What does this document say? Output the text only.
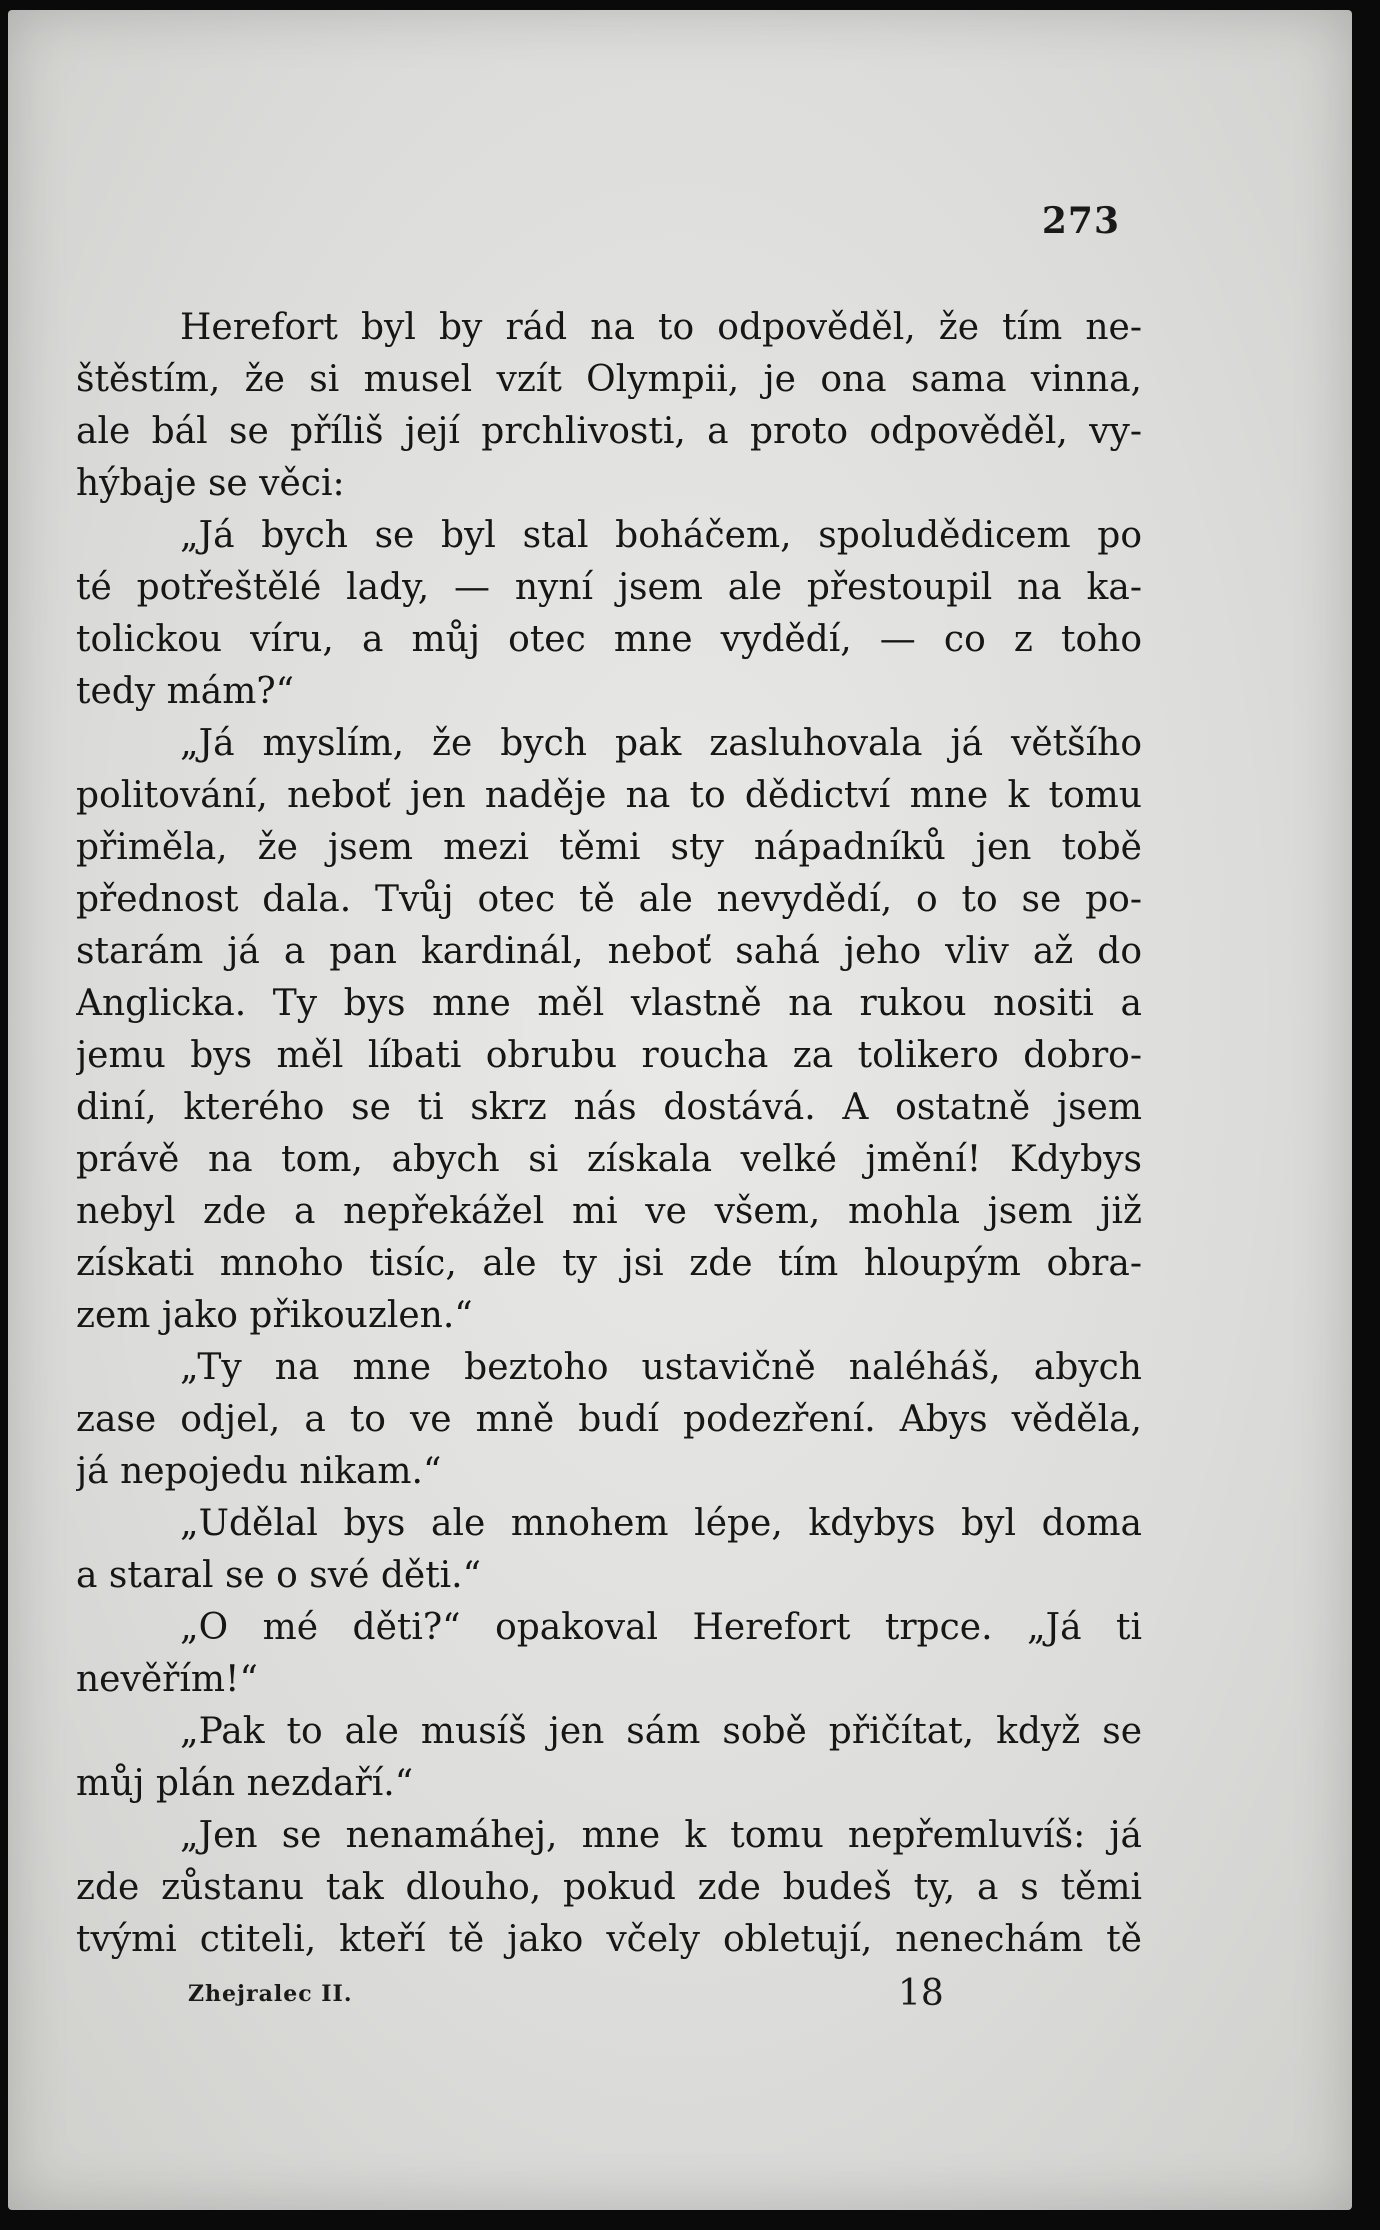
273
Herefort byl by rád na to odpověděl, že tím ne-
štěstím, že si musel vzít Olympii, je ona sama vinna,
ale bál se příliš její prchlivosti, a proto odpověděl, vy-
hýbaje se věci:
„Já bych se byl stal boháčem, spoludědicem po
té potřeštělé lady, — nyní jsem ale přestoupil na ka-
tolickou víru, a můj otec mne vydědí, — co z toho
tedy mám?“
„Já myslím, že bych pak zasluhovala já většího
politování, neboť jen naděje na to dědictví mne k tomu
přiměla, že jsem mezi těmi sty nápadníků jen tobě
přednost dala. Tvůj otec tě ale nevydědí, o to se po-
starám já a pan kardinál, neboť sahá jeho vliv až do
Anglicka. Ty bys mne měl vlastně na rukou nositi a
jemu bys měl líbati obrubu roucha za tolikero dobro-
diní, kterého se ti skrz nás dostává. A ostatně jsem
právě na tom, abych si získala velké jmění! Kdybys
nebyl zde a nepřekážel mi ve všem, mohla jsem již
získati mnoho tisíc, ale ty jsi zde tím hloupým obra-
zem jako přikouzlen.“
„Ty na mne beztoho ustavičně naléháš, abych
zase odjel, a to ve mně budí podezření. Abys věděla,
já nepojedu nikam.“
„Udělal bys ale mnohem lépe, kdybys byl doma
a staral se o své děti.“
„O mé děti?“ opakoval Herefort trpce. „Já ti
nevěřím!“
„Pak to ale musíš jen sám sobě přičítat, když se
můj plán nezdaří.“
„Jen se nenamáhej, mne k tomu nepřemluvíš: já
zde zůstanu tak dlouho, pokud zde budeš ty, a s těmi
tvými ctiteli, kteří tě jako včely obletují, nenechám tě
Zhejralec II.	18
